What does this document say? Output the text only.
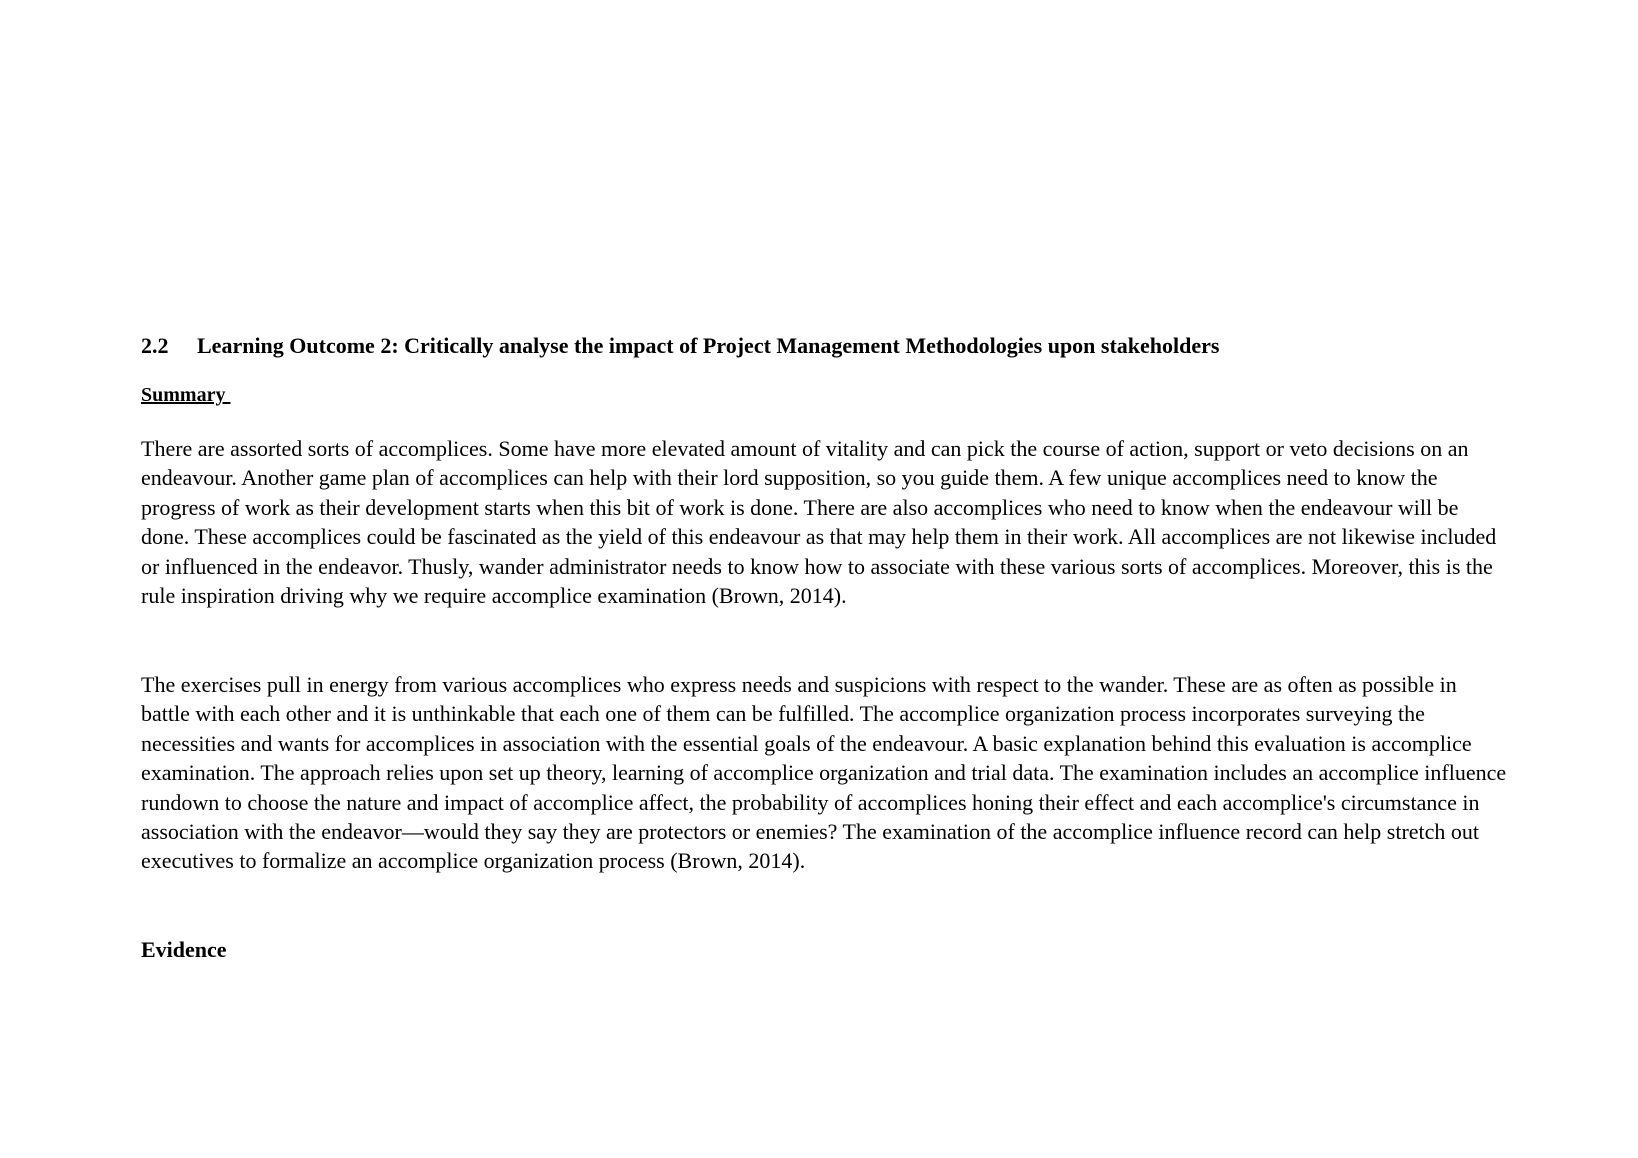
2.2 Learning Outcome 2: Critically analyse the impact of Project Management Methodologies upon stakeholders
Summary

There are assorted sorts of accomplices. Some have more elevated amount of vitality and can pick the course of action, support or veto decisions on an endeavour. Another game plan of accomplices can help with their lord supposition, so you guide them. A few unique accomplices need to know the progress of work as their development starts when this bit of work is done. There are also accomplices who need to know when the endeavour will be done. These accomplices could be fascinated as the yield of this endeavour as that may help them in their work. All accomplices are not likewise included or influenced in the endeavor. Thusly, wander administrator needs to know how to associate with these various sorts of accomplices. Moreover, this is the rule inspiration driving why we require accomplice examination (Brown, 2014).

The exercises pull in energy from various accomplices who express needs and suspicions with respect to the wander. These are as often as possible in battle with each other and it is unthinkable that each one of them can be fulfilled. The accomplice organization process incorporates surveying the necessities and wants for accomplices in association with the essential goals of the endeavour. A basic explanation behind this evaluation is accomplice examination. The approach relies upon set up theory, learning of accomplice organization and trial data. The examination includes an accomplice influence rundown to choose the nature and impact of accomplice affect, the probability of accomplices honing their effect and each accomplice's circumstance in association with the endeavor—would they say they are protectors or enemies? The examination of the accomplice influence record can help stretch out executives to formalize an accomplice organization process (Brown, 2014).

Evidence
